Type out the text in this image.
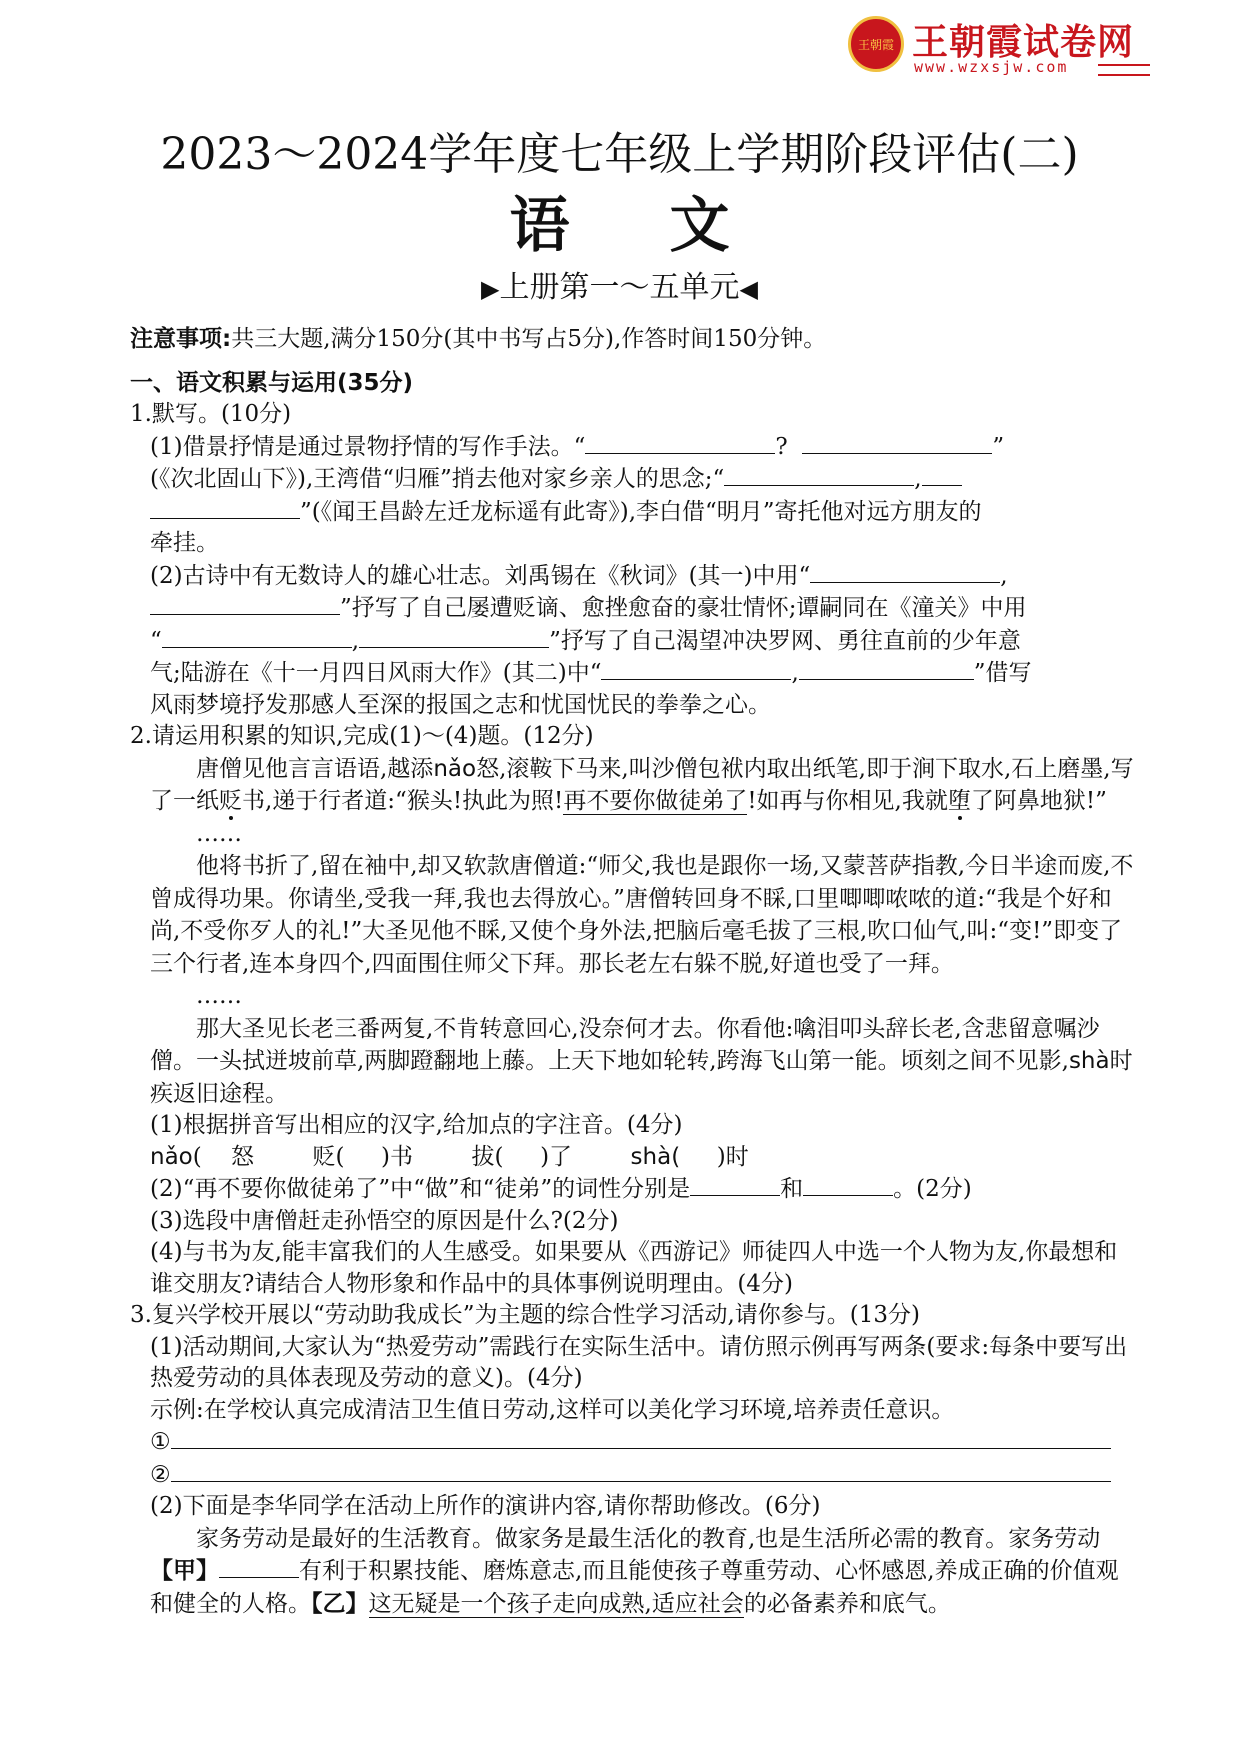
王朝霞 王朝霞试卷网
www.wzxsjw.com
2023～2024学年度七年级上学期阶段评估(二)
语文
▶上册第一～五单元◀

注意事项:共三大题,满分150分(其中书写占5分),作答时间150分钟。

一、语文积累与运用(35分)

1.默写。(10分)

(1)借景抒情是通过景物抒情的写作手法。“	?	”

(《次北固山下》),王湾借“归雁”捎去他对家乡亲人的思念;“	,

”(《闻王昌龄左迁龙标遥有此寄》),李白借“明月”寄托他对远方朋友的

牵挂。

(2)古诗中有无数诗人的雄心壮志。刘禹锡在《秋词》(其一)中用“	,

”抒写了自己屡遭贬谪、愈挫愈奋的豪壮情怀;谭嗣同在《潼关》中用

“	,	”抒写了自己渴望冲决罗网、勇往直前的少年意

气;陆游在《十一月四日风雨大作》(其二)中“	,	”借写

风雨梦境抒发那感人至深的报国之志和忧国忧民的拳拳之心。

2.请运用积累的知识,完成(1)～(4)题。(12分)

唐僧见他言言语语,越添nǎo怒,滚鞍下马来,叫沙僧包袱内取出纸笔,即于涧下取水,石上磨墨,写了一纸贬书,递于行者道:“猴头!执此为照!再不要你做徒弟了!如再与你相见,我就堕了阿鼻地狱!”

……

他将书折了,留在袖中,却又软款唐僧道:“师父,我也是跟你一场,又蒙菩萨指教,今日半途而废,不曾成得功果。你请坐,受我一拜,我也去得放心。”唐僧转回身不睬,口里唧唧哝哝的道:“我是个好和尚,不受你歹人的礼!”大圣见他不睬,又使个身外法,把脑后毫毛拔了三根,吹口仙气,叫:“变!”即变了三个行者,连本身四个,四面围住师父下拜。那长老左右躲不脱,好道也受了一拜。

……

那大圣见长老三番两复,不肯转意回心,没奈何才去。你看他:噙泪叩头辞长老,含悲留意嘱沙僧。一头拭迸坡前草,两脚蹬翻地上藤。上天下地如轮转,跨海飞山第一能。顷刻之间不见影,shà时疾返旧途程。

(1)根据拼音写出相应的汉字,给加点的字注音。(4分)

nǎo( 怒	贬( )书	拔( )了	shà( )时

(2)“再不要你做徒弟了”中“做”和“徒弟”的词性分别是	和	。(2分)

(3)选段中唐僧赶走孙悟空的原因是什么?(2分)

(4)与书为友,能丰富我们的人生感受。如果要从《西游记》师徒四人中选一个人物为友,你最想和谁交朋友?请结合人物形象和作品中的具体事例说明理由。(4分)

3.复兴学校开展以“劳动助我成长”为主题的综合性学习活动,请你参与。(13分)

(1)活动期间,大家认为“热爱劳动”需践行在实际生活中。请仿照示例再写两条(要求:每条中要写出热爱劳动的具体表现及劳动的意义)。(4分)

示例:在学校认真完成清洁卫生值日劳动,这样可以美化学习环境,培养责任意识。

①

②

(2)下面是李华同学在活动上所作的演讲内容,请你帮助修改。(6分)

家务劳动是最好的生活教育。做家务是最生活化的教育,也是生活所必需的教育。家务劳动【甲】	有利于积累技能、磨炼意志,而且能使孩子尊重劳动、心怀感恩,养成正确的价值观和健全的人格。【乙】这无疑是一个孩子走向成熟,适应社会的必备素养和底气。
